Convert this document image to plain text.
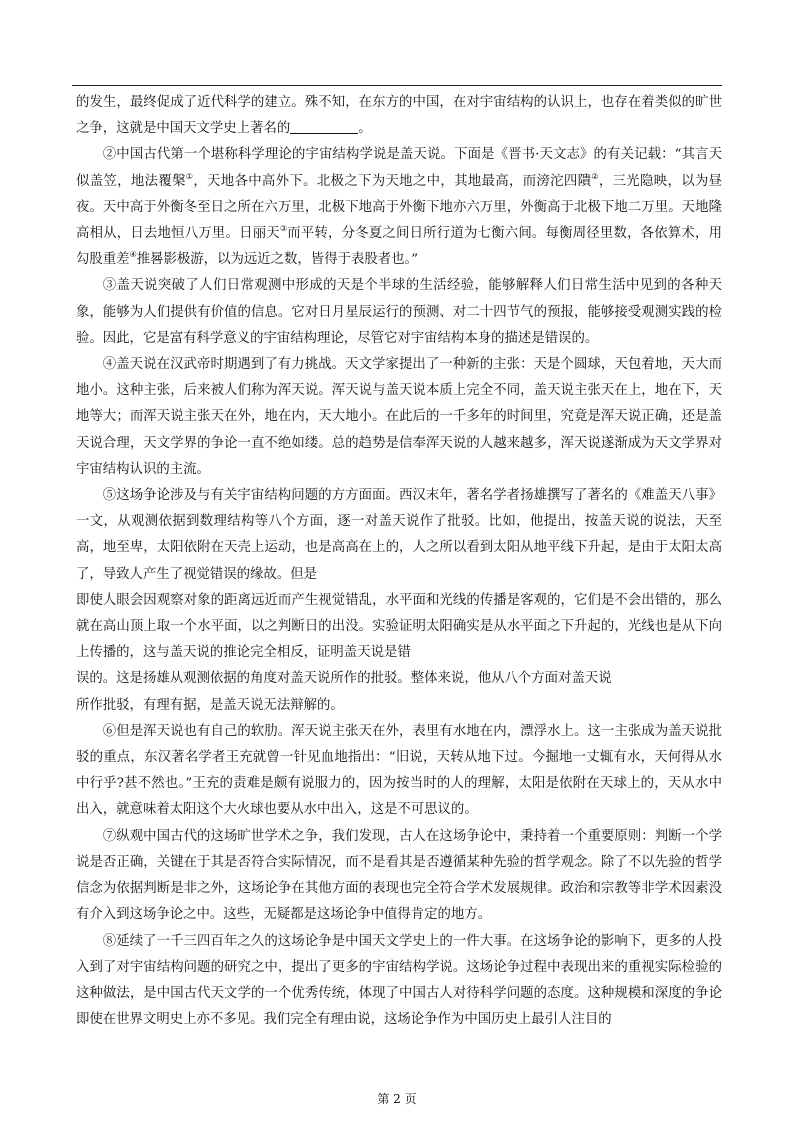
的发生，最终促成了近代科学的建立。殊不知，在东方的中国，在对宇宙结构的认识上，也存在着类似的旷世之争，这就是中国天文学史上著名的	。

②中国古代第一个堪称科学理论的宇宙结构学说是盖天说。下面是《晋书·天文志》的有关记载：“其言天似盖笠，地法覆槃①，天地各中高外下。北极之下为天地之中，其地最高，而滂沱四隤②，三光隐映，以为昼夜。天中高于外衡冬至日之所在六万里，北极下地高于外衡下地亦六万里，外衡高于北极下地二万里。天地隆高相从，日去地恒八万里。日丽天③而平转，分冬夏之间日所行道为七衡六间。每衡周径里数，各依算术，用勾股重差④推晷影极游，以为远近之数，皆得于表股者也。”

③盖天说突破了人们日常观测中形成的天是个半球的生活经验，能够解释人们日常生活中见到的各种天象，能够为人们提供有价值的信息。它对日月星辰运行的预测、对二十四节气的预报，能够接受观测实践的检验。因此，它是富有科学意义的宇宙结构理论，尽管它对宇宙结构本身的描述是错误的。

④盖天说在汉武帝时期遇到了有力挑战。天文学家提出了一种新的主张：天是个圆球，天包着地，天大而地小。这种主张，后来被人们称为浑天说。浑天说与盖天说本质上完全不同，盖天说主张天在上，地在下，天地等大；而浑天说主张天在外，地在内，天大地小。在此后的一千多年的时间里，究竟是浑天说正确，还是盖天说合理，天文学界的争论一直不绝如缕。总的趋势是信奉浑天说的人越来越多，浑天说遂渐成为天文学界对宇宙结构认识的主流。

⑤这场争论涉及与有关宇宙结构问题的方方面面。西汉末年，著名学者扬雄撰写了著名的《难盖天八事》一文，从观测依据到数理结构等八个方面，逐一对盖天说作了批驳。比如，他提出，按盖天说的说法，天至高，地至卑，太阳依附在天壳上运动，也是高高在上的，人之所以看到太阳从地平线下升起，是由于太阳太高了，导致人产生了视觉错误的缘故。但是

即使人眼会因观察对象的距离远近而产生视觉错乱，水平面和光线的传播是客观的，它们是不会出错的，那么就在高山顶上取一个水平面，以之判断日的出没。实验证明太阳确实是从水平面之下升起的，光线也是从下向上传播的，这与盖天说的推论完全相反，证明盖天说是错

误的。这是扬雄从观测依据的角度对盖天说所作的批驳。整体来说，他从八个方面对盖天说

所作批驳，有理有据，是盖天说无法辩解的。

⑥但是浑天说也有自己的软肋。浑天说主张天在外，表里有水地在内，漂浮水上。这一主张成为盖天说批驳的重点，东汉著名学者王充就曾一针见血地指出：“旧说，天转从地下过。今掘地一丈辄有水，天何得从水中行乎?甚不然也。”王充的责难是颇有说服力的，因为按当时的人的理解，太阳是依附在天球上的，天从水中出入，就意味着太阳这个大火球也要从水中出入，这是不可思议的。

⑦纵观中国古代的这场旷世学术之争，我们发现，古人在这场争论中，秉持着一个重要原则：判断一个学说是否正确，关键在于其是否符合实际情况，而不是看其是否遵循某种先验的哲学观念。除了不以先验的哲学信念为依据判断是非之外，这场论争在其他方面的表现也完全符合学术发展规律。政治和宗教等非学术因素没有介入到这场争论之中。这些，无疑都是这场论争中值得肯定的地方。

⑧延续了一千三四百年之久的这场论争是中国天文学史上的一件大事。在这场争论的影响下，更多的人投入到了对宇宙结构问题的研究之中，提出了更多的宇宙结构学说。这场论争过程中表现出来的重视实际检验的这种做法，是中国古代天文学的一个优秀传统，体现了中国古人对待科学问题的态度。这种规模和深度的争论即使在世界文明史上亦不多见。我们完全有理由说，这场论争作为中国历史上最引人注目的

第 2 页
